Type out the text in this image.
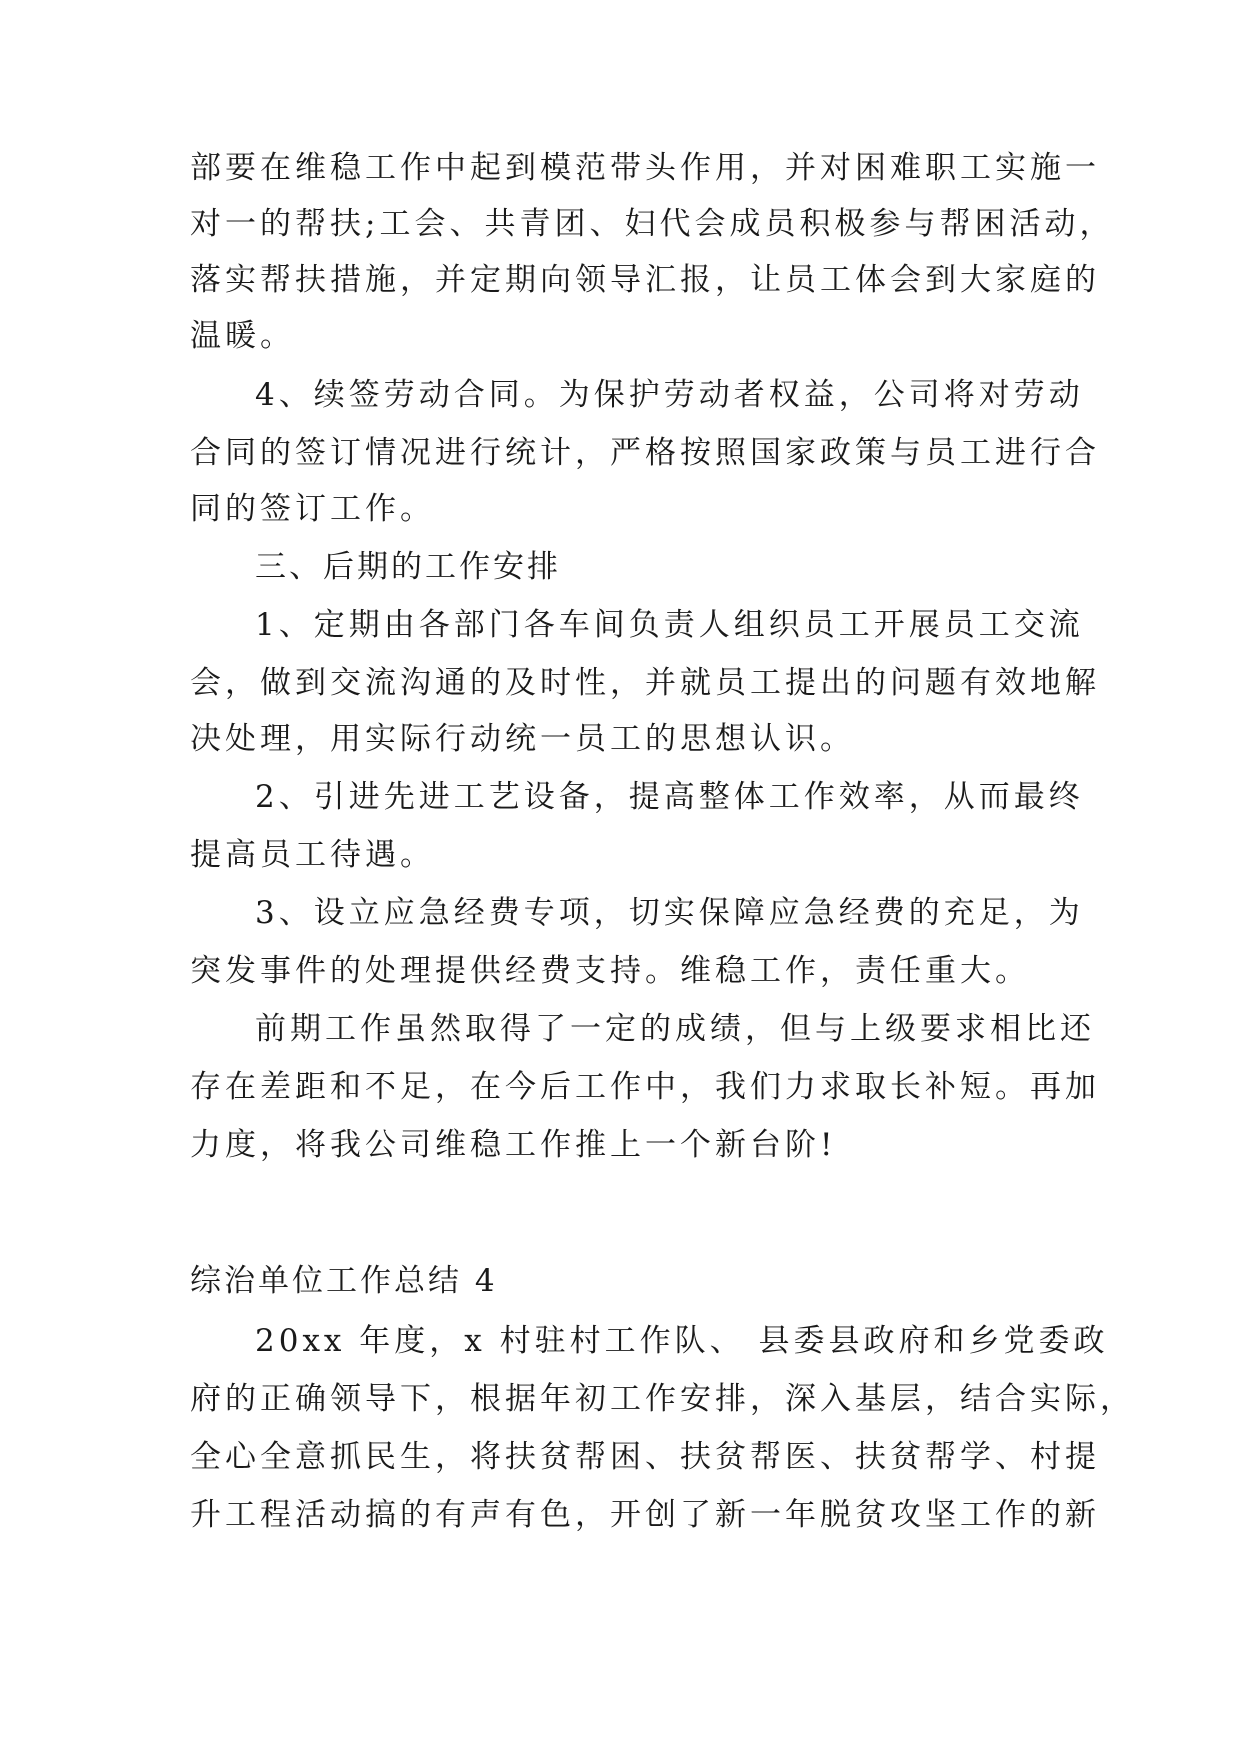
部要在维稳工作中起到模范带头作用，并对困难职工实施一
对一的帮扶;工会、共青团、妇代会成员积极参与帮困活动，
落实帮扶措施，并定期向领导汇报，让员工体会到大家庭的
温暖。
4、续签劳动合同。为保护劳动者权益，公司将对劳动
合同的签订情况进行统计，严格按照国家政策与员工进行合
同的签订工作。
三、后期的工作安排
1、定期由各部门各车间负责人组织员工开展员工交流
会，做到交流沟通的及时性，并就员工提出的问题有效地解
决处理，用实际行动统一员工的思想认识。
2、引进先进工艺设备，提高整体工作效率，从而最终
提高员工待遇。
3、设立应急经费专项，切实保障应急经费的充足，为
突发事件的处理提供经费支持。维稳工作，责任重大。
前期工作虽然取得了一定的成绩，但与上级要求相比还
存在差距和不足，在今后工作中，我们力求取长补短。再加
力度，将我公司维稳工作推上一个新台阶!
综治单位工作总结 4
20xx 年度，x 村驻村工作队、 县委县政府和乡党委政
府的正确领导下，根据年初工作安排，深入基层，结合实际，
全心全意抓民生，将扶贫帮困、扶贫帮医、扶贫帮学、村提
升工程活动搞的有声有色，开创了新一年脱贫攻坚工作的新
